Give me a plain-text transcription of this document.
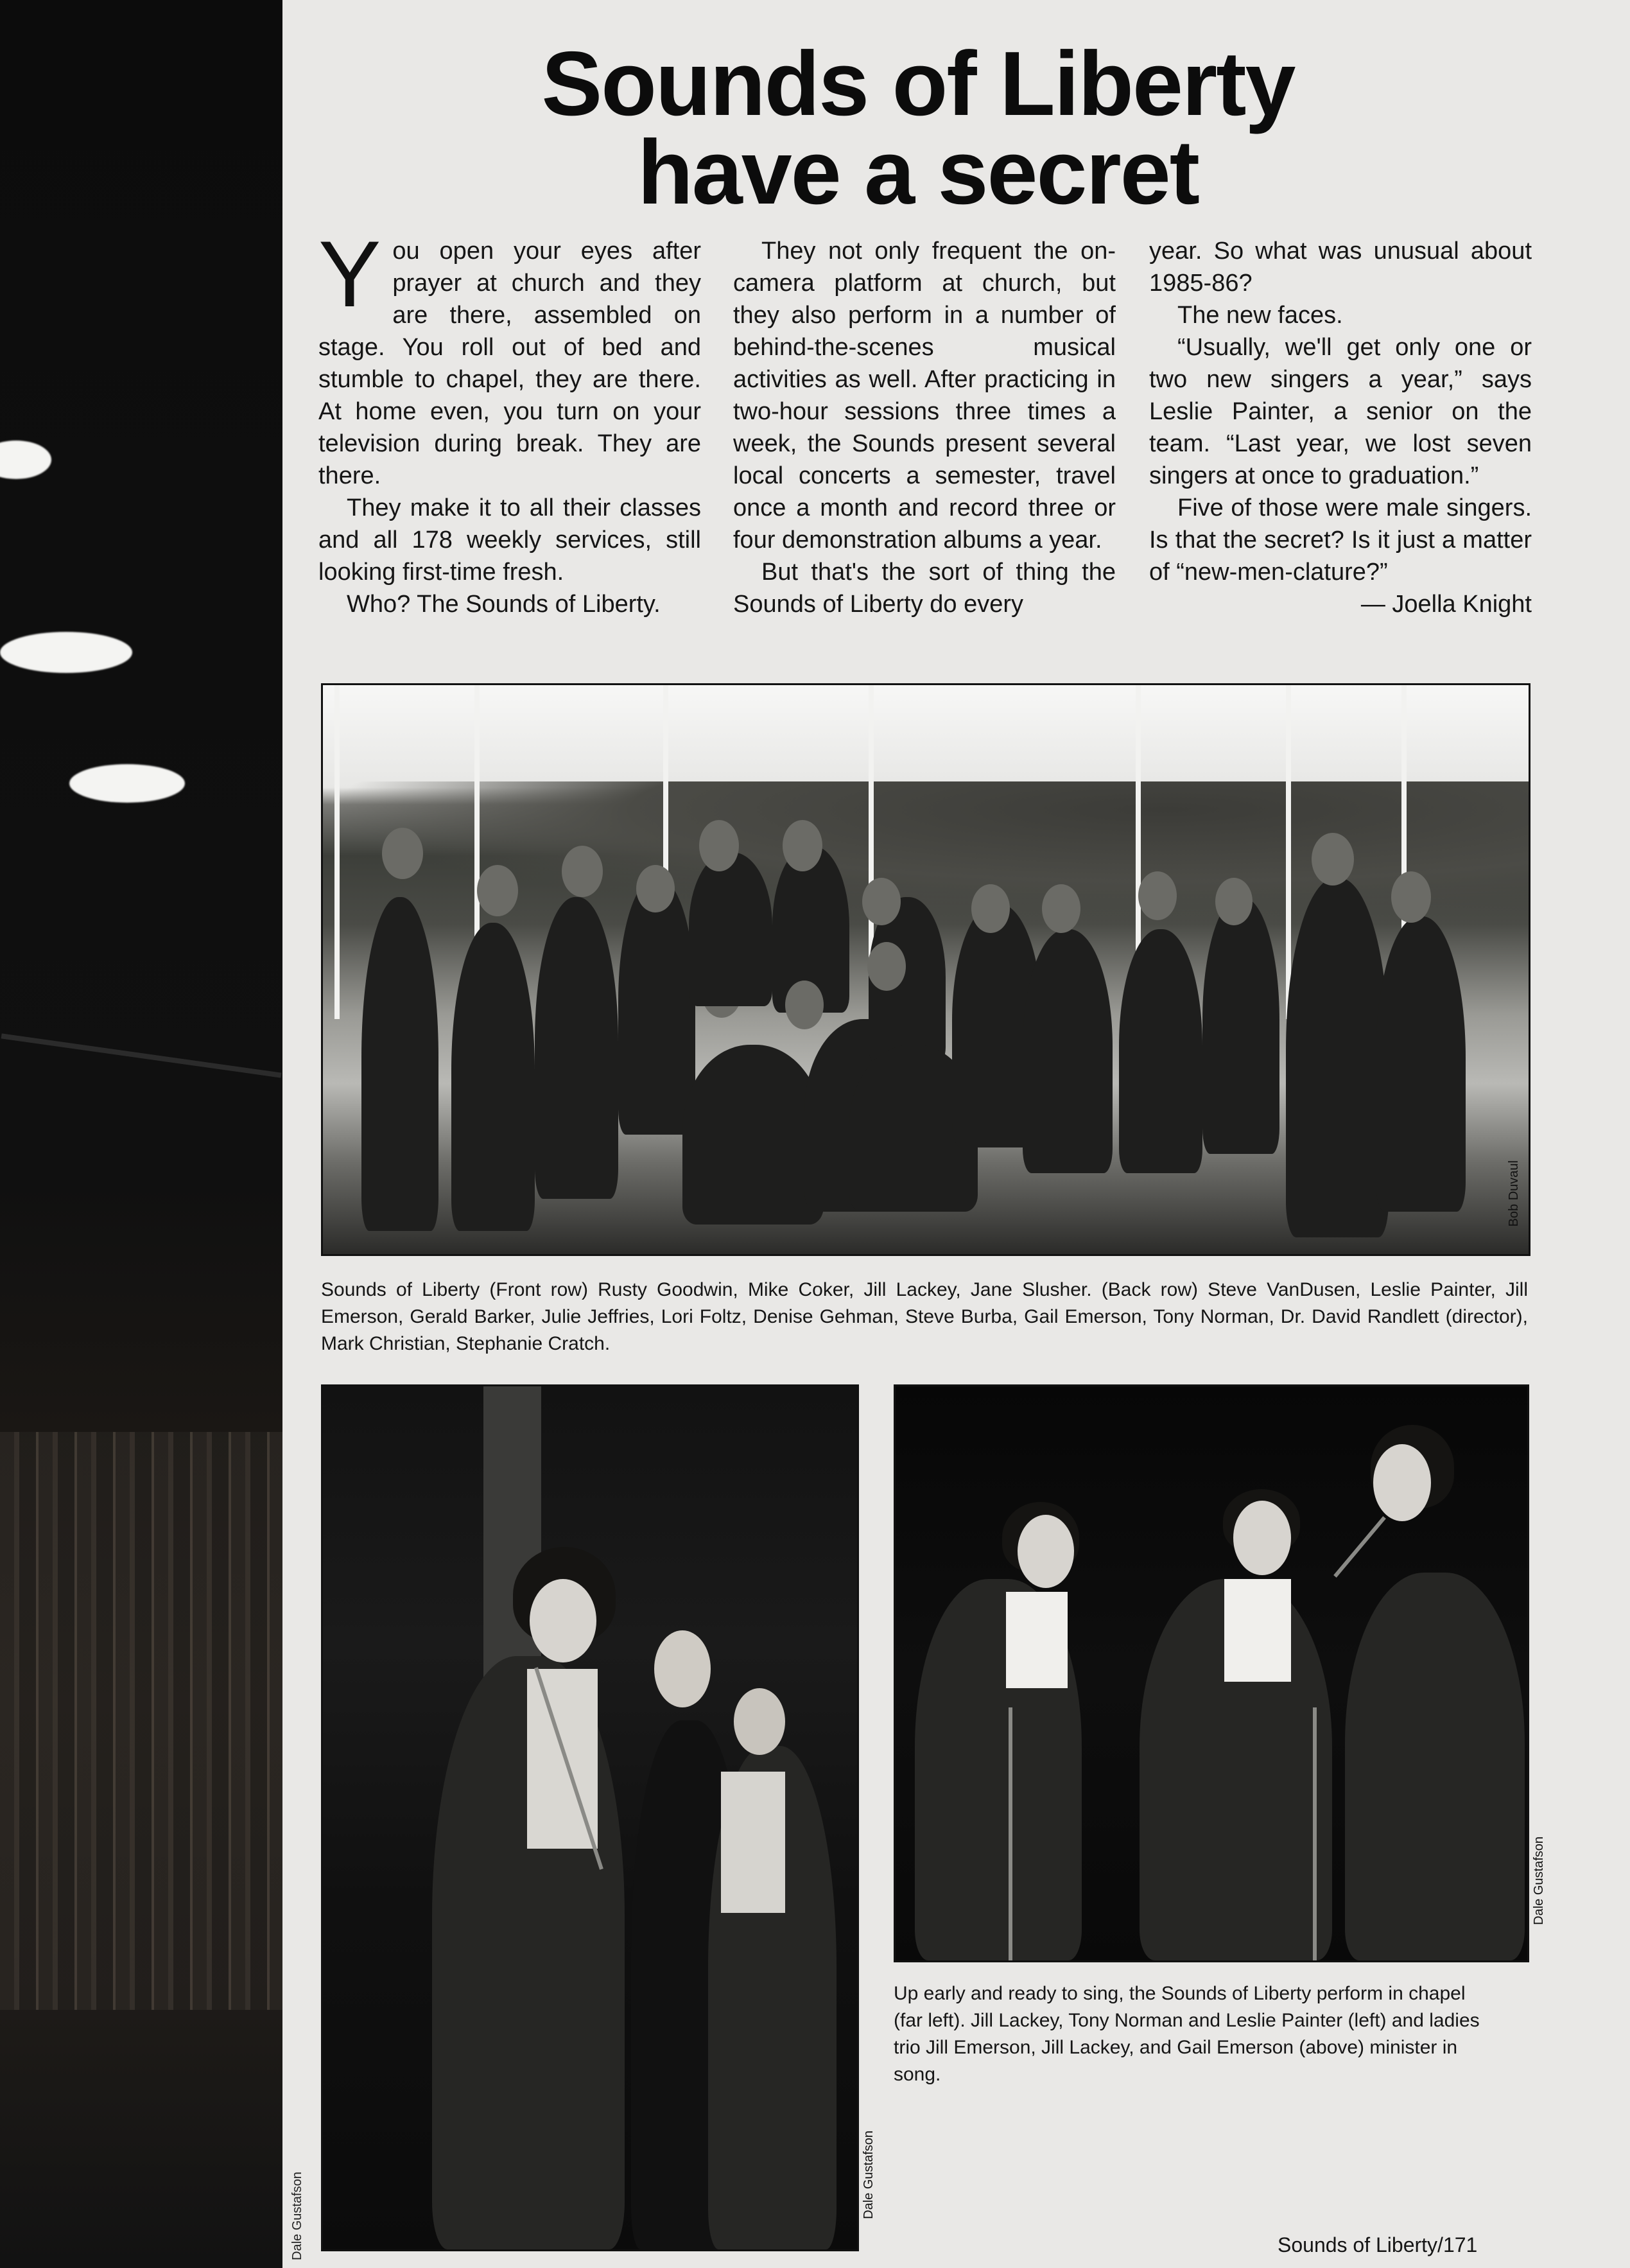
Dale Gustafson
Sounds of Liberty
have a secret

You open your eyes after prayer at church and they are there, assembled on stage. You roll out of bed and stumble to chapel, they are there. At home even, you turn on your television during break. They are there.

They make it to all their classes and all 178 weekly services, still looking first-time fresh.

Who? The Sounds of Liberty.

They not only frequent the on-camera platform at church, but they also perform in a number of behind-the-scenes musical activities as well. After practicing in two-hour sessions three times a week, the Sounds present several local concerts a semester, travel once a month and record three or four demonstration albums a year.

But that's the sort of thing the Sounds of Liberty do every

year. So what was unusual about 1985-86?

The new faces.

“Usually, we'll get only one or two new singers a year,” says Leslie Painter, a senior on the team. “Last year, we lost seven singers at once to graduation.”

Five of those were male singers. Is that the secret? Is it just a matter of “new-men-clature?”

— Joella Knight
Bob Duvaul
Sounds of Liberty (Front row) Rusty Goodwin, Mike Coker, Jill Lackey, Jane Slusher. (Back row) Steve VanDusen, Leslie Painter, Jill Emerson, Gerald Barker, Julie Jeffries, Lori Foltz, Denise Gehman, Steve Burba, Gail Emerson, Tony Norman, Dr. David Randlett (director), Mark Christian, Stephanie Cratch.
Dale Gustafson
Dale Gustafson
Up early and ready to sing, the Sounds of Liberty perform in chapel (far left). Jill Lackey, Tony Norman and Leslie Painter (left) and ladies trio Jill Emerson, Jill Lackey, and Gail Emerson (above) minister in song.
Sounds of Liberty/171
